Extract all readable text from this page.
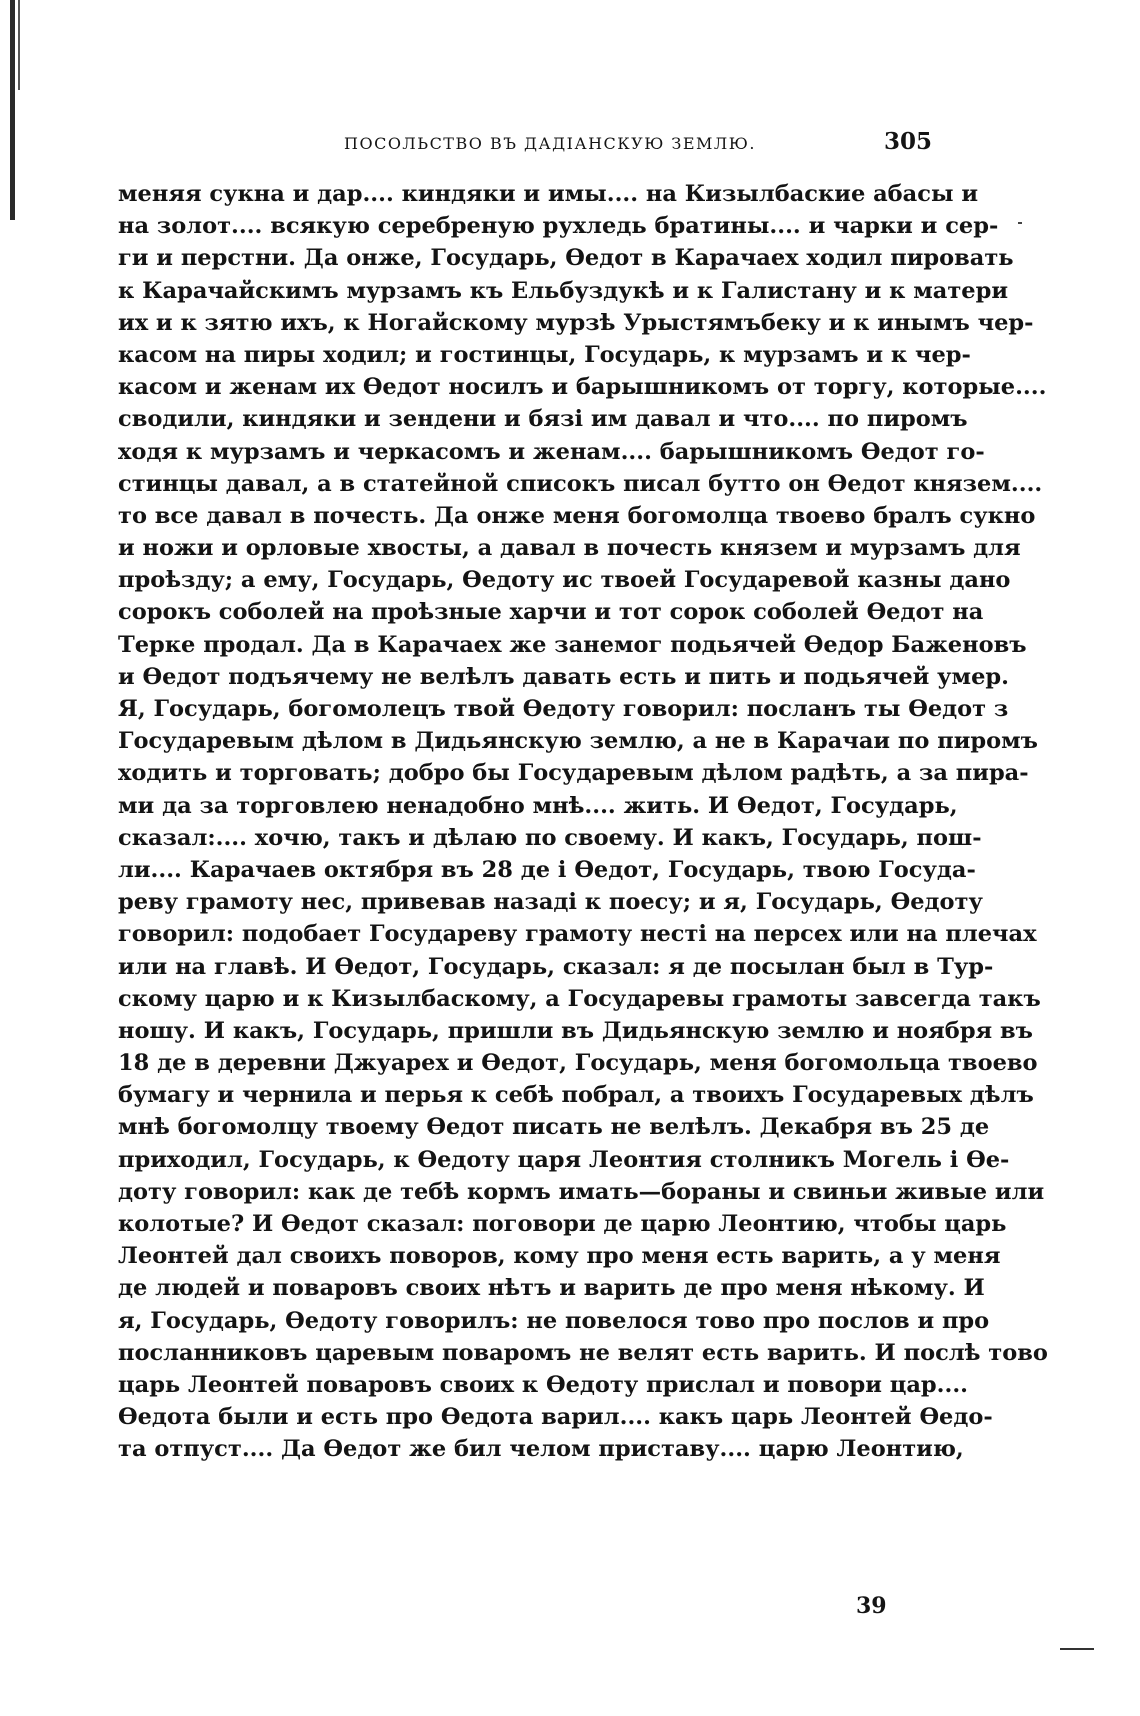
ПОСОЛЬСТВО ВЪ ДАДІАНСКУЮ ЗЕМЛЮ.	305
меняя сукна и дар.... киндяки и имы.... на Кизылбаские абасы и
на золот.... всякую серебреную рухледь братины.... и чарки и сер-
ги и перстни. Да онже, Государь, Ѳедот в Карачаех ходил пировать
к Карачайскимъ мурзамъ къ Ельбуздукѣ и к Галистану и к матери
их и к зятю ихъ, к Ногайскому мурзѣ Урыстямъбеку и к инымъ чер-
касом на пиры ходил; и гостинцы, Государь, к мурзамъ и к чер-
касом и женам их Ѳедот носилъ и барышникомъ от торгу, которые....
сводили, киндяки и зендени и бязі им давал и что.... по пиромъ
ходя к мурзамъ и черкасомъ и женам.... барышникомъ Ѳедот го-
стинцы давал, а в статейной списокъ писал бутто он Ѳедот князем....
то все давал в почесть. Да онже меня богомолца твоево бралъ сукно
и ножи и орловые хвосты, а давал в почесть князем и мурзамъ для
проѣзду; а ему, Государь, Ѳедоту ис твоей Государевой казны дано
сорокъ соболей на проѣзные харчи и тот сорок соболей Ѳедот на
Терке продал. Да в Карачаех же занемог подьячей Ѳедор Баженовъ
и Ѳедот подъячему не велѣлъ давать есть и пить и подьячей умер.
Я, Государь, богомолецъ твой Ѳедоту говорил: посланъ ты Ѳедот з
Государевым дѣлом в Дидьянскую землю, а не в Карачаи по пиромъ
ходить и торговать; добро бы Государевым дѣлом радѣть, а за пира-
ми да за торговлею ненадобно мнѣ.... жить. И Ѳедот, Государь,
сказал:.... хочю, такъ и дѣлаю по своему. И какъ, Государь, пош-
ли.... Карачаев октября въ 28 де і Ѳедот, Государь, твою Госуда-
реву грамоту нес, привевав назаді к поесу; и я, Государь, Ѳедоту
говорил: подобает Государеву грамоту несті на персех или на плечах
или на главѣ. И Ѳедот, Государь, сказал: я де посылан был в Тур-
скому царю и к Кизылбаскому, а Государевы грамоты завсегда такъ
ношу. И какъ, Государь, пришли въ Дидьянскую землю и ноября въ
18 де в деревни Джуарех и Ѳедот, Государь, меня богомольца твоево
бумагу и чернила и перья к себѣ побрал, а твоихъ Государевых дѣлъ
мнѣ богомолцу твоему Ѳедот писать не велѣлъ. Декабря въ 25 де
приходил, Государь, к Ѳедоту царя Леонтия столникъ Могель і Ѳе-
доту говорил: как де тебѣ кормъ имать—бораны и свиньи живые или
колотые? И Ѳедот сказал: поговори де царю Леонтию, чтобы царь
Леонтей дал своихъ поворов, кому про меня есть варить, а у меня
де людей и поваровъ своих нѣтъ и варить де про меня нѣкому. И
я, Государь, Ѳедоту говорилъ: не повелося тово про послов и про
посланниковъ царевым поваромъ не велят есть варить. И послѣ тово
царь Леонтей поваровъ своих к Ѳедоту прислал и повори цар....
Ѳедота были и есть про Ѳедота варил.... какъ царь Леонтей Ѳедо-
та отпуст.... Да Ѳедот же бил челом приставу.... царю Леонтию,
39
